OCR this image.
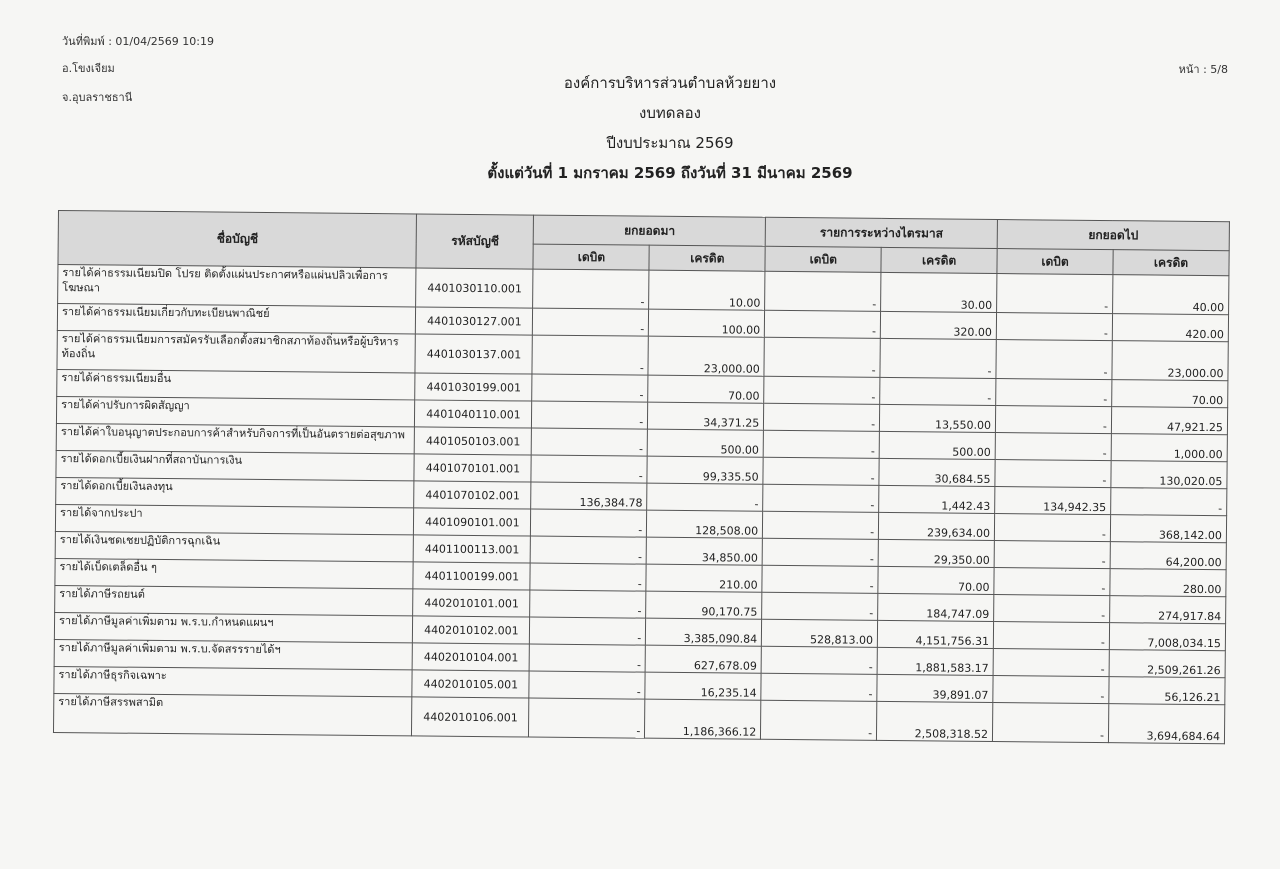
วันที่พิมพ์ : 01/04/2569 10:19
อ.โขงเจียม
จ.อุบลราชธานี
หน้า : 5/8
องค์การบริหารส่วนตำบลห้วยยาง
งบทดลอง
ปีงบประมาณ 2569
ตั้งแต่วันที่ 1 มกราคม 2569 ถึงวันที่ 31 มีนาคม 2569
ชื่อบัญชี	รหัสบัญชี	ยกยอดมา		รายการระหว่างไตรมาส		ยกยอดไป	
		เดบิต	เครดิต	เดบิต	เครดิต	เดบิต	เครดิต
รายได้ค่าธรรมเนียมปิด โปรย ติดตั้งแผ่นประกาศหรือแผ่นปลิวเพื่อการโฆษณา	4401030110.001	-	10.00	-	30.00	-	40.00
รายได้ค่าธรรมเนียมเกี่ยวกับทะเบียนพาณิชย์	4401030127.001	-	100.00	-	320.00	-	420.00
รายได้ค่าธรรมเนียมการสมัครรับเลือกตั้งสมาชิกสภาท้องถิ่นหรือผู้บริหารท้องถิ่น	4401030137.001	-	23,000.00	-	-	-	23,000.00
รายได้ค่าธรรมเนียมอื่น	4401030199.001	-	70.00	-	-	-	70.00
รายได้ค่าปรับการผิดสัญญา	4401040110.001	-	34,371.25	-	13,550.00	-	47,921.25
รายได้ค่าใบอนุญาตประกอบการค้าสำหรับกิจการที่เป็นอันตรายต่อสุขภาพ	4401050103.001	-	500.00	-	500.00	-	1,000.00
รายได้ดอกเบี้ยเงินฝากที่สถาบันการเงิน	4401070101.001	-	99,335.50	-	30,684.55	-	130,020.05
รายได้ดอกเบี้ยเงินลงทุน	4401070102.001	136,384.78	-	-	1,442.43	134,942.35	-
รายได้จากประปา	4401090101.001	-	128,508.00	-	239,634.00	-	368,142.00
รายได้เงินชดเชยปฏิบัติการฉุกเฉิน	4401100113.001	-	34,850.00	-	29,350.00	-	64,200.00
รายได้เบ็ดเตล็ดอื่น ๆ	4401100199.001	-	210.00	-	70.00	-	280.00
รายได้ภาษีรถยนต์	4402010101.001	-	90,170.75	-	184,747.09	-	274,917.84
รายได้ภาษีมูลค่าเพิ่มตาม พ.ร.บ.กำหนดแผนฯ	4402010102.001	-	3,385,090.84	528,813.00	4,151,756.31	-	7,008,034.15
รายได้ภาษีมูลค่าเพิ่มตาม พ.ร.บ.จัดสรรรายได้ฯ	4402010104.001	-	627,678.09	-	1,881,583.17	-	2,509,261.26
รายได้ภาษีธุรกิจเฉพาะ	4402010105.001	-	16,235.14	-	39,891.07	-	56,126.21
รายได้ภาษีสรรพสามิต	4402010106.001	-	1,186,366.12	-	2,508,318.52	-	3,694,684.64
